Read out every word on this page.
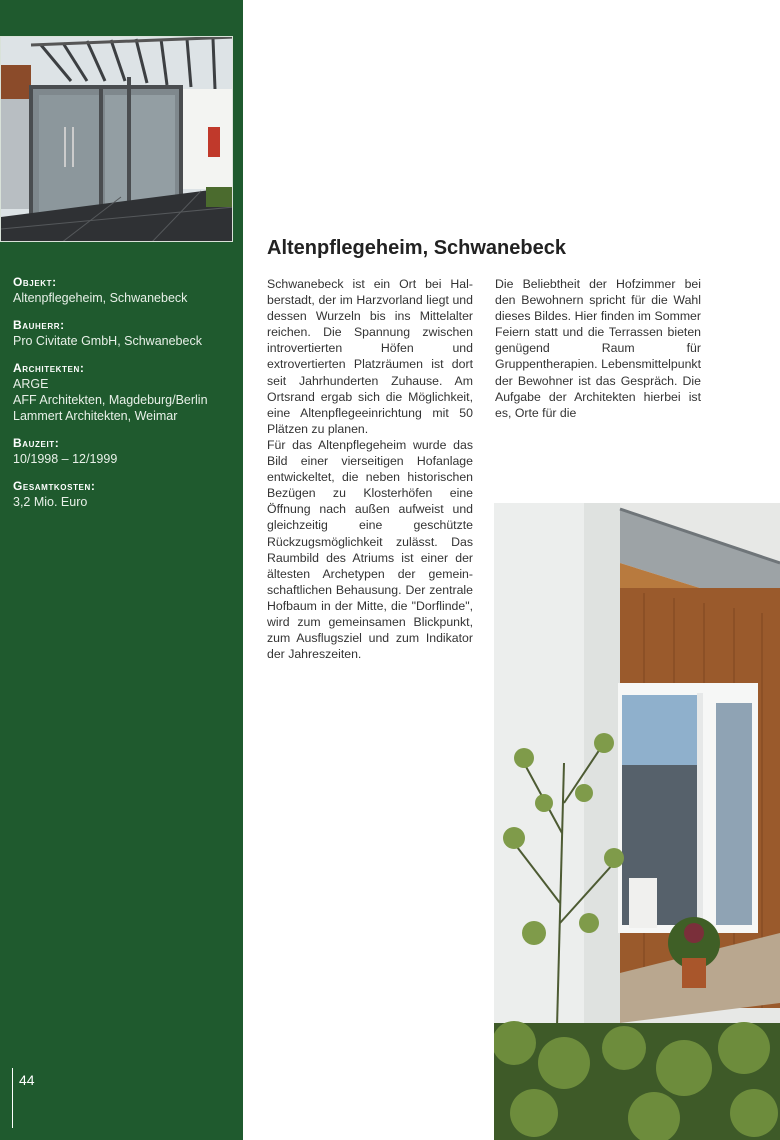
Objekt:
Altenpflegeheim, Schwanebeck
Bauherr:
Pro Civitate GmbH, Schwanebeck
Architekten:
ARGE
AFF Architekten, Magdeburg/Berlin
Lammert Architekten, Weimar
Bauzeit:
10/1998 – 12/1999
Gesamtkosten:
3,2 Mio. Euro
44
Altenpflegeheim, Schwanebeck

Schwanebeck ist ein Ort bei Halberstadt, der im Harzvorland liegt und dessen Wurzeln bis ins Mittelalter reichen. Die Spannung zwischen introvertierten Höfen und extrovertierten Platzräumen ist dort seit Jahrhunderten Zuhause. Am Ortsrand ergab sich die Möglichkeit, eine Altenpflegeeinrichtung mit 50 Plätzen zu planen.

Für das Altenpflegeheim wurde das Bild einer vierseitigen Hofanlage entwickeltet, die neben historischen Bezügen zu Klosterhöfen eine Öffnung nach außen aufweist und gleichzeitig eine geschützte Rückzugsmöglichkeit zulässt. Das Raumbild des Atriums ist einer der ältesten Archetypen der gemeinschaftlichen Behausung. Der zentrale Hofbaum in der Mitte, die "Dorflinde", wird zum gemeinsamen Blickpunkt, zum Ausflugsziel und zum Indikator der Jahreszeiten.

Die Beliebtheit der Hofzimmer bei den Bewohnern spricht für die Wahl dieses Bildes. Hier finden im Sommer Feiern statt und die Terrassen bieten genügend Raum für Gruppentherapien. Lebensmittelpunkt der Bewohner ist das Gespräch. Die Aufgabe der Architekten hierbei ist es, Orte für die
